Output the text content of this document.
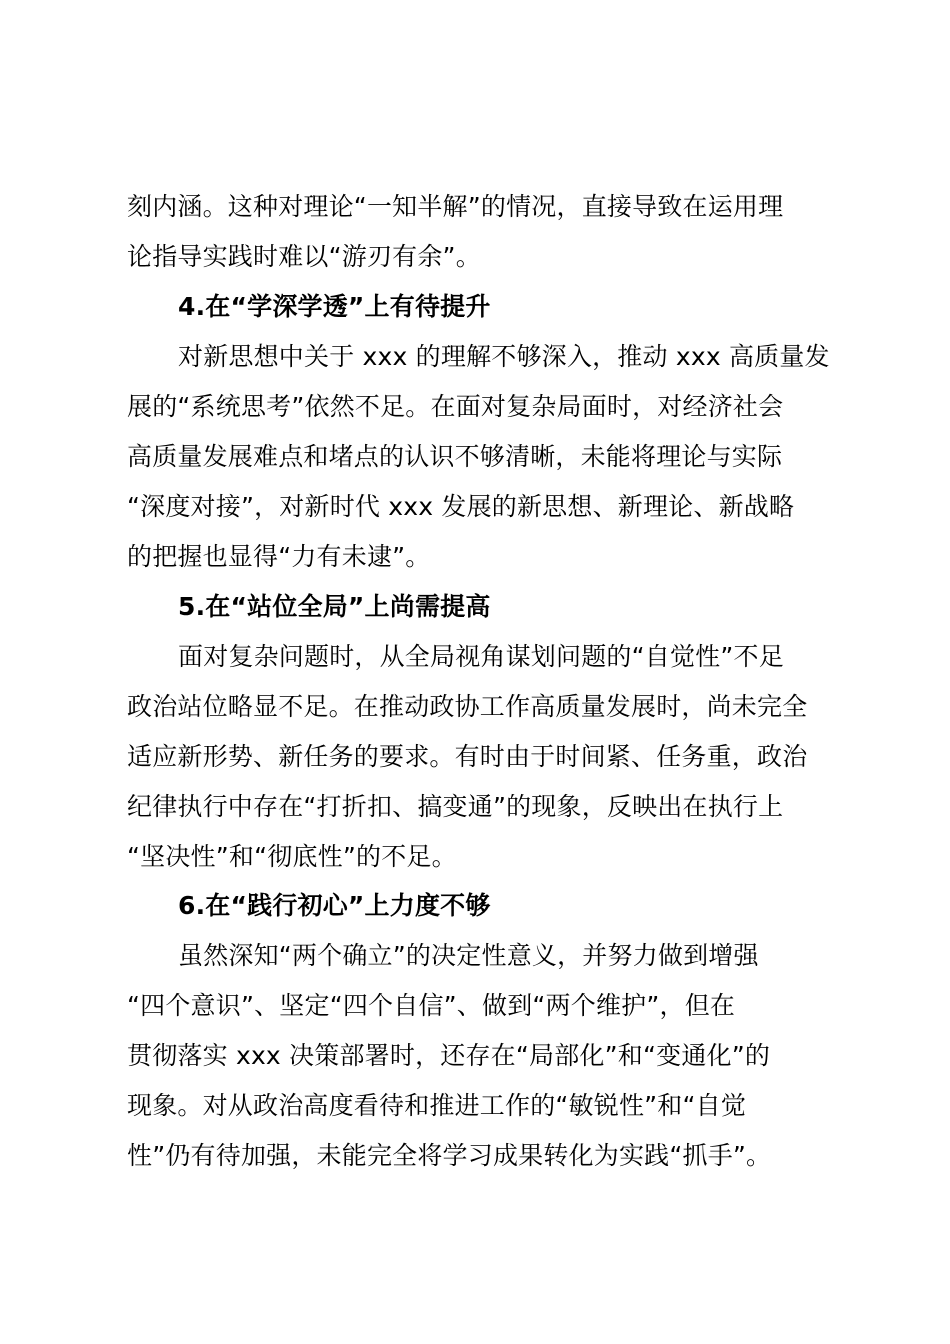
刻内涵。这种对理论“一知半解”的情况，直接导致在运用理
论指导实践时难以“游刃有余”。
4.在“学深学透”上有待提升
对新思想中关于 xxx 的理解不够深入，推动 xxx 高质量发
展的“系统思考”依然不足。在面对复杂局面时，对经济社会
高质量发展难点和堵点的认识不够清晰，未能将理论与实际
“深度对接”，对新时代 xxx 发展的新思想、新理论、新战略
的把握也显得“力有未逮”。
5.在“站位全局”上尚需提高
面对复杂问题时，从全局视角谋划问题的“自觉性”不足
政治站位略显不足。在推动政协工作高质量发展时，尚未完全
适应新形势、新任务的要求。有时由于时间紧、任务重，政治
纪律执行中存在“打折扣、搞变通”的现象，反映出在执行上
“坚决性”和“彻底性”的不足。
6.在“践行初心”上力度不够
虽然深知“两个确立”的决定性意义，并努力做到增强
“四个意识”、坚定“四个自信”、做到“两个维护”，但在
贯彻落实 xxx 决策部署时，还存在“局部化”和“变通化”的
现象。对从政治高度看待和推进工作的“敏锐性”和“自觉
性”仍有待加强，未能完全将学习成果转化为实践“抓手”。
